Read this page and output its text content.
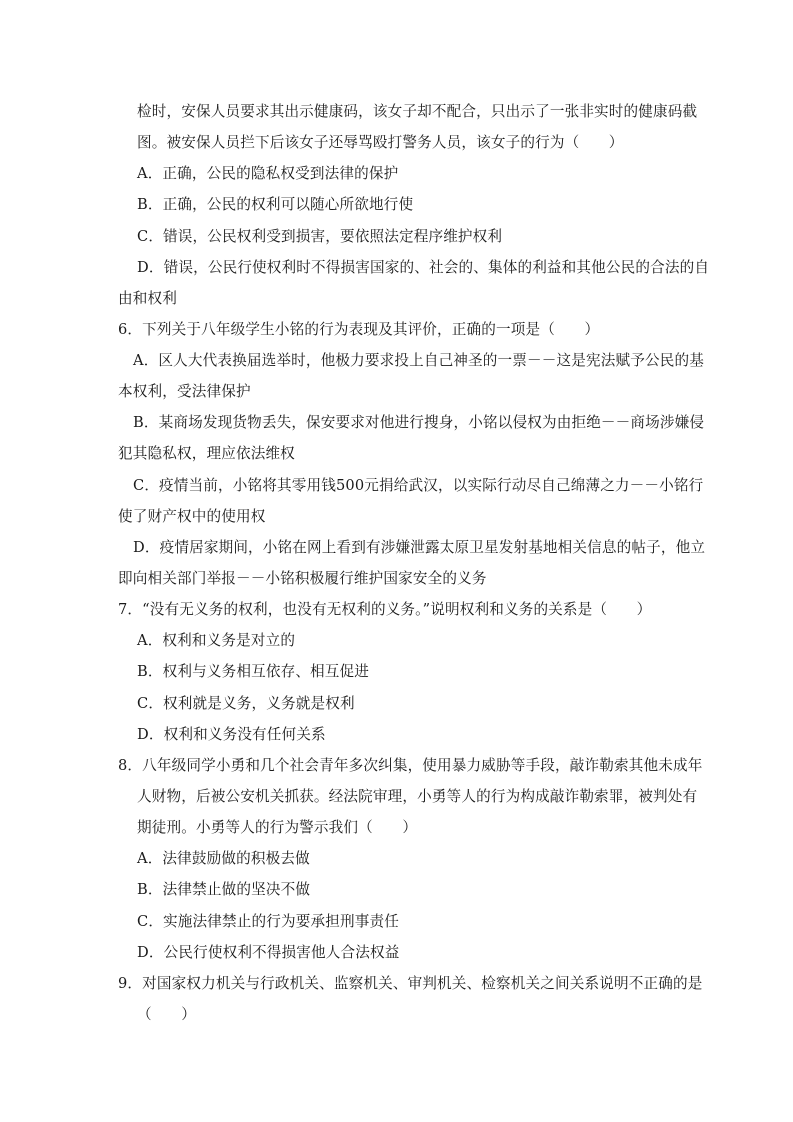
检时，安保人员要求其出示健康码，该女子却不配合，只出示了一张非实时的健康码截
图。被安保人员拦下后该女子还辱骂殴打警务人员，该女子的行为（　　）
A．正确，公民的隐私权受到法律的保护
B．正确，公民的权利可以随心所欲地行使
C．错误，公民权利受到损害，要依照法定程序维护权利
D．错误，公民行使权利时不得损害国家的、社会的、集体的利益和其他公民的合法的自
由和权利
6．下列关于八年级学生小铭的行为表现及其评价，正确的一项是（　　）
A．区人大代表换届选举时，他极力要求投上自己神圣的一票－－这是宪法赋予公民的基
本权利，受法律保护
B．某商场发现货物丢失，保安要求对他进行搜身，小铭以侵权为由拒绝－－商场涉嫌侵
犯其隐私权，理应依法维权
C．疫情当前，小铭将其零用钱500元捐给武汉，以实际行动尽自己绵薄之力－－小铭行
使了财产权中的使用权
D．疫情居家期间，小铭在网上看到有涉嫌泄露太原卫星发射基地相关信息的帖子，他立
即向相关部门举报－－小铭积极履行维护国家安全的义务
7．“没有无义务的权利，也没有无权利的义务。”说明权利和义务的关系是（　　）
A．权利和义务是对立的
B．权利与义务相互依存、相互促进
C．权利就是义务，义务就是权利
D．权利和义务没有任何关系
8．八年级同学小勇和几个社会青年多次纠集，使用暴力威胁等手段，敲诈勒索其他未成年
人财物，后被公安机关抓获。经法院审理，小勇等人的行为构成敲诈勒索罪，被判处有
期徒刑。小勇等人的行为警示我们（　　）
A．法律鼓励做的积极去做
B．法律禁止做的坚决不做
C．实施法律禁止的行为要承担刑事责任
D．公民行使权利不得损害他人合法权益
9．对国家权力机关与行政机关、监察机关、审判机关、检察机关之间关系说明不正确的是
（　　）
